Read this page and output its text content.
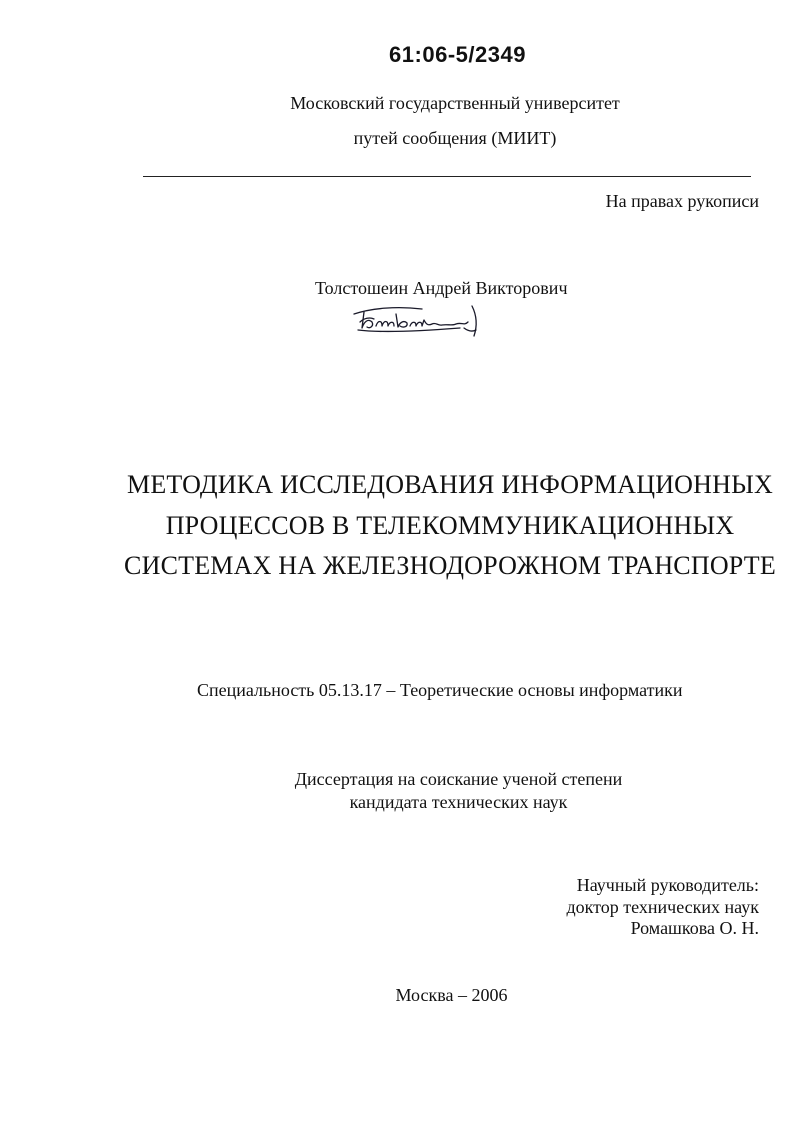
61:06-5/2349
Московский государственный университет
путей сообщения (МИИТ)
На правах рукописи
Толстошеин Андрей Викторович
МЕТОДИКА ИССЛЕДОВАНИЯ ИНФОРМАЦИОННЫХ
ПРОЦЕССОВ В ТЕЛЕКОММУНИКАЦИОННЫХ
СИСТЕМАХ НА ЖЕЛЕЗНОДОРОЖНОМ ТРАНСПОРТЕ
Специальность 05.13.17 – Теоретические основы информатики
Диссертация на соискание ученой степени
кандидата технических наук
Научный руководитель:
доктор технических наук
Ромашкова О. Н.
Москва – 2006
